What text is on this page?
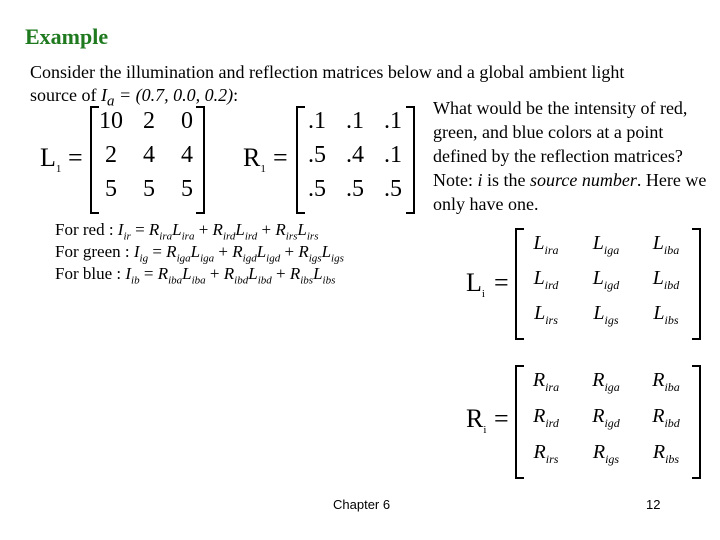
Example
Consider the illumination and reflection matrices below and a global ambient light
source of $I_a = (0.7$, 0.0, 0.2):
What would be the intensity of red, green, and blue colors at a point defined by the reflection matrices? Note: i is the source number. Here we only have one.
$L_1$ =
10 2	0
2	4	4
5	5	5
$R_1$ =
.1 .1 .1
.5 .4 .1
.5 .5 .5
For red : $I_{ir} = R_{ira}L_{ira} + R_{ird}L_{ird} + R_{irs}L_{irs}$
For green : $I_{ig} = R_{iga}L_{iga} + R_{igd}L_{igd} + R_{igs}L_{igs}$
For blue : $I_{ib} = R_{iba}L_{iba} + R_{ibd}L_{ibd} + R_{ibs}L_{ibs}$	$L_i$ =
$L_{ira}$	$L_{iga}$	$L_{iba}$
$L_{ird}$	$L_{igd}$	$L_{ibd}$
$L_{irs}$	$L_{igs}$	$L_{ibs}$
$R_i$ =
$R_{ira}$	$R_{iga}$	$R_{iba}$
$R_{ird}$	$R_{igd}$	$R_{ibd}$
$R_{irs}$	$R_{igs}$	$R_{ibs}$
Chapter 6	12
